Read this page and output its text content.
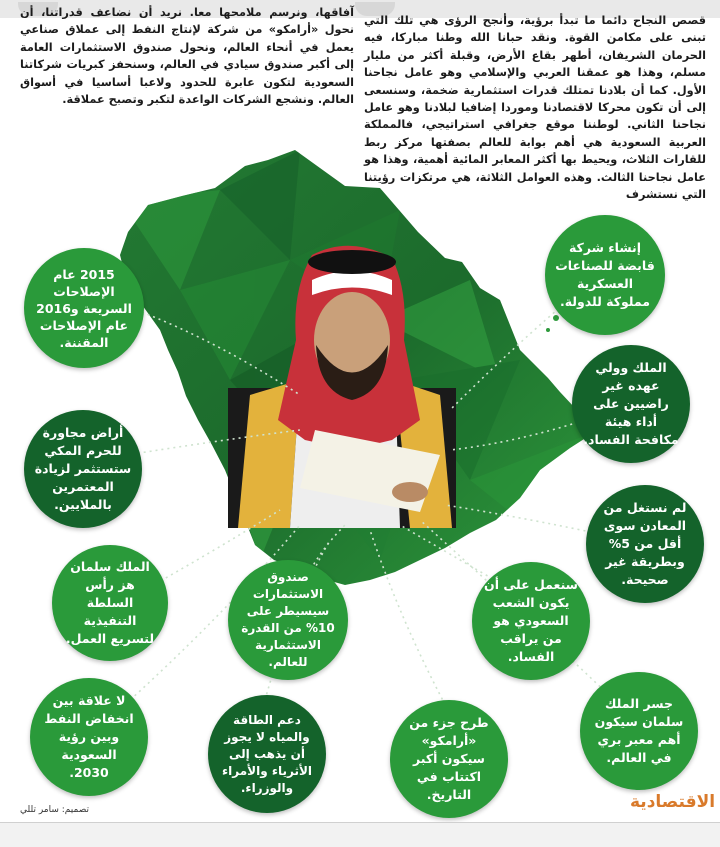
قصص النجاح دائما ما تبدأ برؤية، وأنجح الرؤى هي تلك التي تبنى على مكامن القوة. ونقد حبانا الله وطنا مباركا، فيه الحرمان الشريفان، أطهر بقاع الأرض، وقبلة أكثر من مليار مسلم، وهذا هو عمقنا العربي والإسلامي وهو عامل نجاحنا الأول. كما أن بلادنا تمتلك قدرات استثمارية ضخمة، وسنسعى إلى أن تكون محركا لاقتصادنا وموردا إضافيا لبلادنا وهو عامل نجاحنا الثاني. لوطننا موقع جغرافي استراتيجي، فالمملكة العربية السعودية هي أهم بوابة للعالم بصفتها مركز ربط للقارات الثلاث، ويحيط بها أكثر المعابر المائية أهمية، وهذا هو عامل نجاحنا الثالث. وهذه العوامل الثلاثة، هي مرتكزات رؤيتنا التي نستشرف

آفاقها، ونرسم ملامحها معا. نريد أن نضاعف قدراتنا، أن نحول «أرامكو» من شركة لإنتاج النفط إلى عملاق صناعي يعمل في أنحاء العالم، ونحول صندوق الاستثمارات العامة إلى أكبر صندوق سيادي في العالم، وسنحفز كبريات شركاتنا السعودية لتكون عابرة للحدود ولاعبا أساسيا في أسواق العالم. ونشجع الشركات الواعدة لتكبر وتصبح عملاقة.

إنشاء شركة قابضة للصناعات العسكرية مملوكة للدولة.
2015 عام الإصلاحات السريعة و2016 عام الإصلاحات المقننة.
الملك وولي عهده غير راضيين على أداء هيئة مكافحة الفساد.
أراض مجاورة للحرم المكي ستستثمر لزيادة المعتمرين بالملايين.	لم نستغل من المعادن سوى أقل من 5% وبطريقة غير صحيحة.
الملك سلمان هز رأس السلطة التنفيذية لتسريع العمل.
صندوق الاستثمارات سيسيطر على 10% من القدرة الاستثمارية للعالم.
سنعمل على أن يكون الشعب السعودي هو من يراقب الفساد.
لا علاقة بين انخفاض النفط وبين رؤية السعودية 2030.
دعم الطاقة والمياه لا يجوز أن يذهب إلى الأثرياء والأمراء والوزراء.
طرح جزء من «أرامكو» سيكون أكبر اكتتاب في التاريخ.
جسر الملك سلمان سيكون أهم معبر بري في العالم.
تصميم: سامر تللي	الاقتصادية
